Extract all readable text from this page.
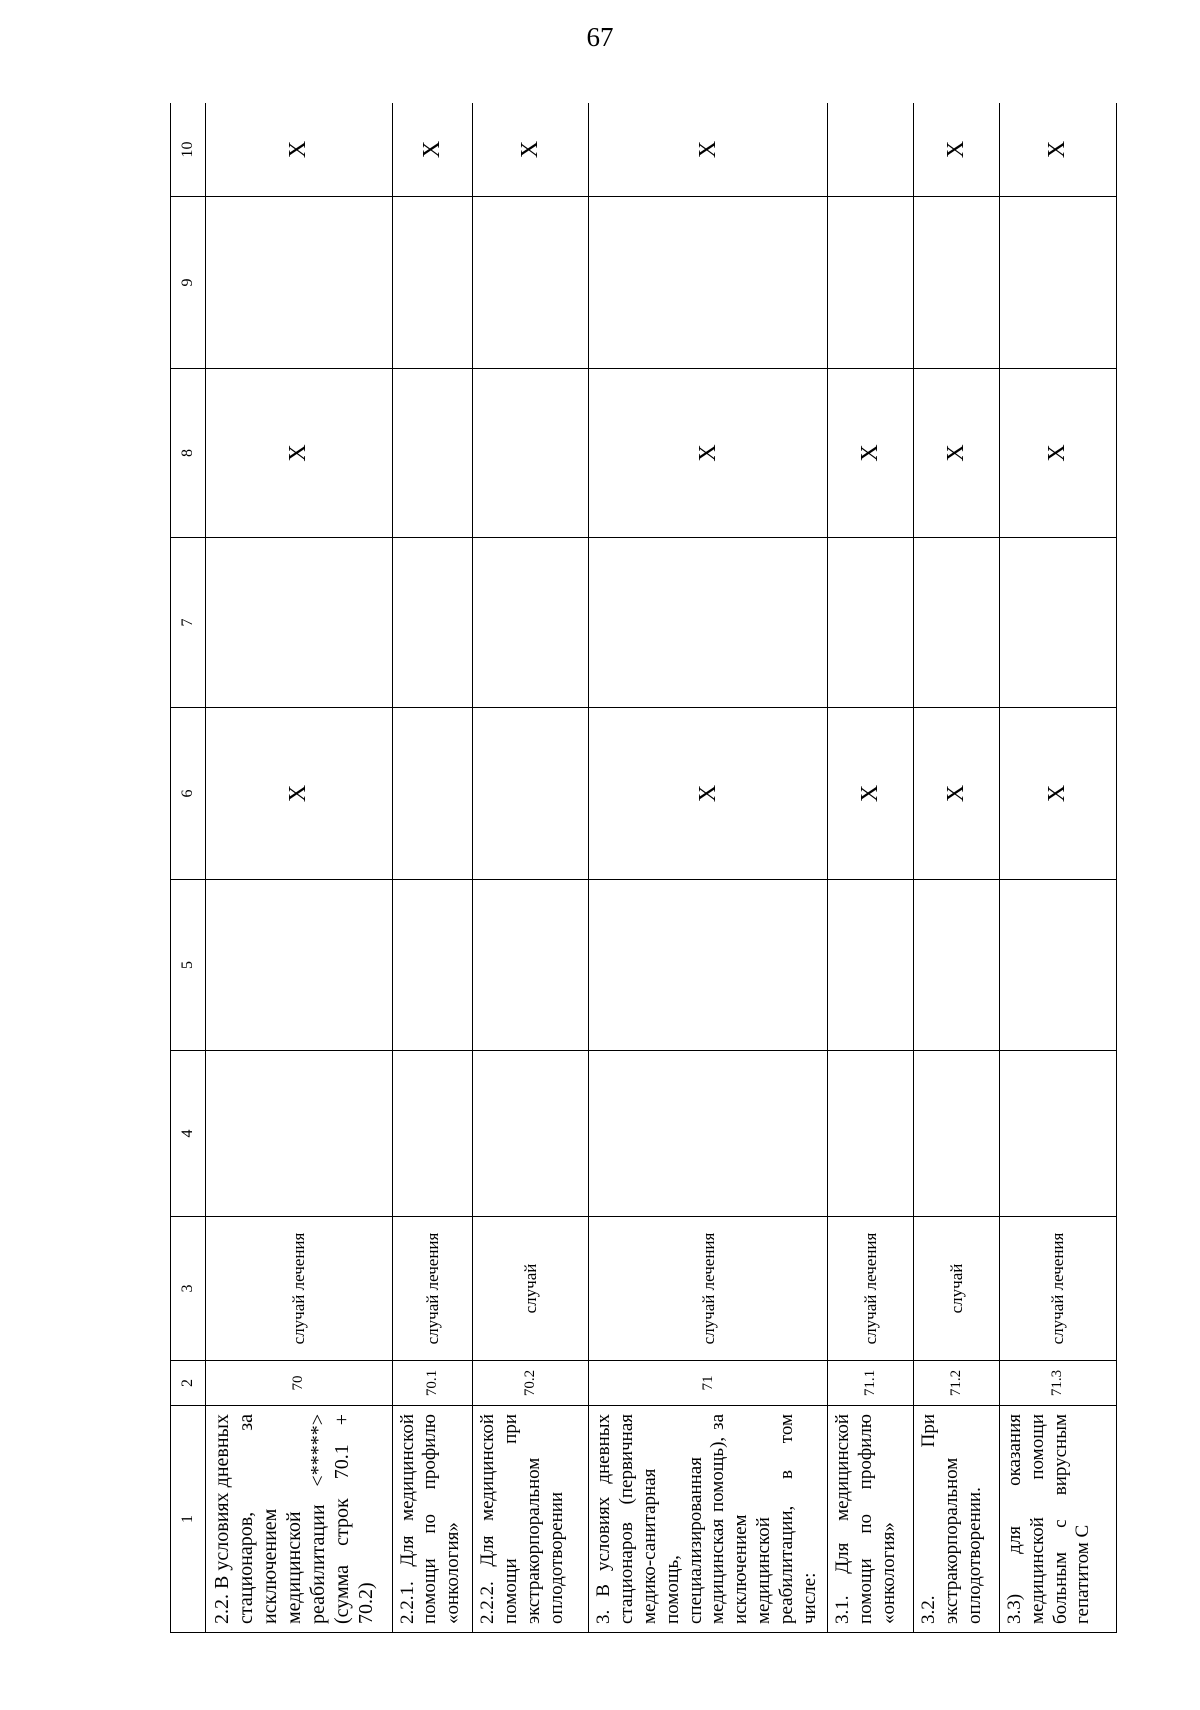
67
1	2	3	4	5	6	7	8	9	10
2.2. В условиях дневных стационаров, за исключением медицинской реабилитации <*****> (сумма строк 70.1 + 70.2)	70	случай лечения			X		X		X
2.2.1. Для медицинской помощи по профилю «онкология»	70.1	случай лечения							X
2.2.2. Для медицинской помощи при экстракорпоральном оплодотворении	70.2	случай							X
3. В условиях дневных стационаров (первичная медико-санитарная помощь, специализированная медицинская помощь), за исключением медицинской реабилитации, в том числе:	71	случай лечения			X		X		X
3.1. Для медицинской помощи по профилю «онкология»	71.1	случай лечения			X		X		
3.2. При экстракорпоральном оплодотворении.	71.2	случай			X		X		X
3.3) для оказания медицинской помощи больным с вирусным гепатитом С	71.3	случай лечения			X		X		X
